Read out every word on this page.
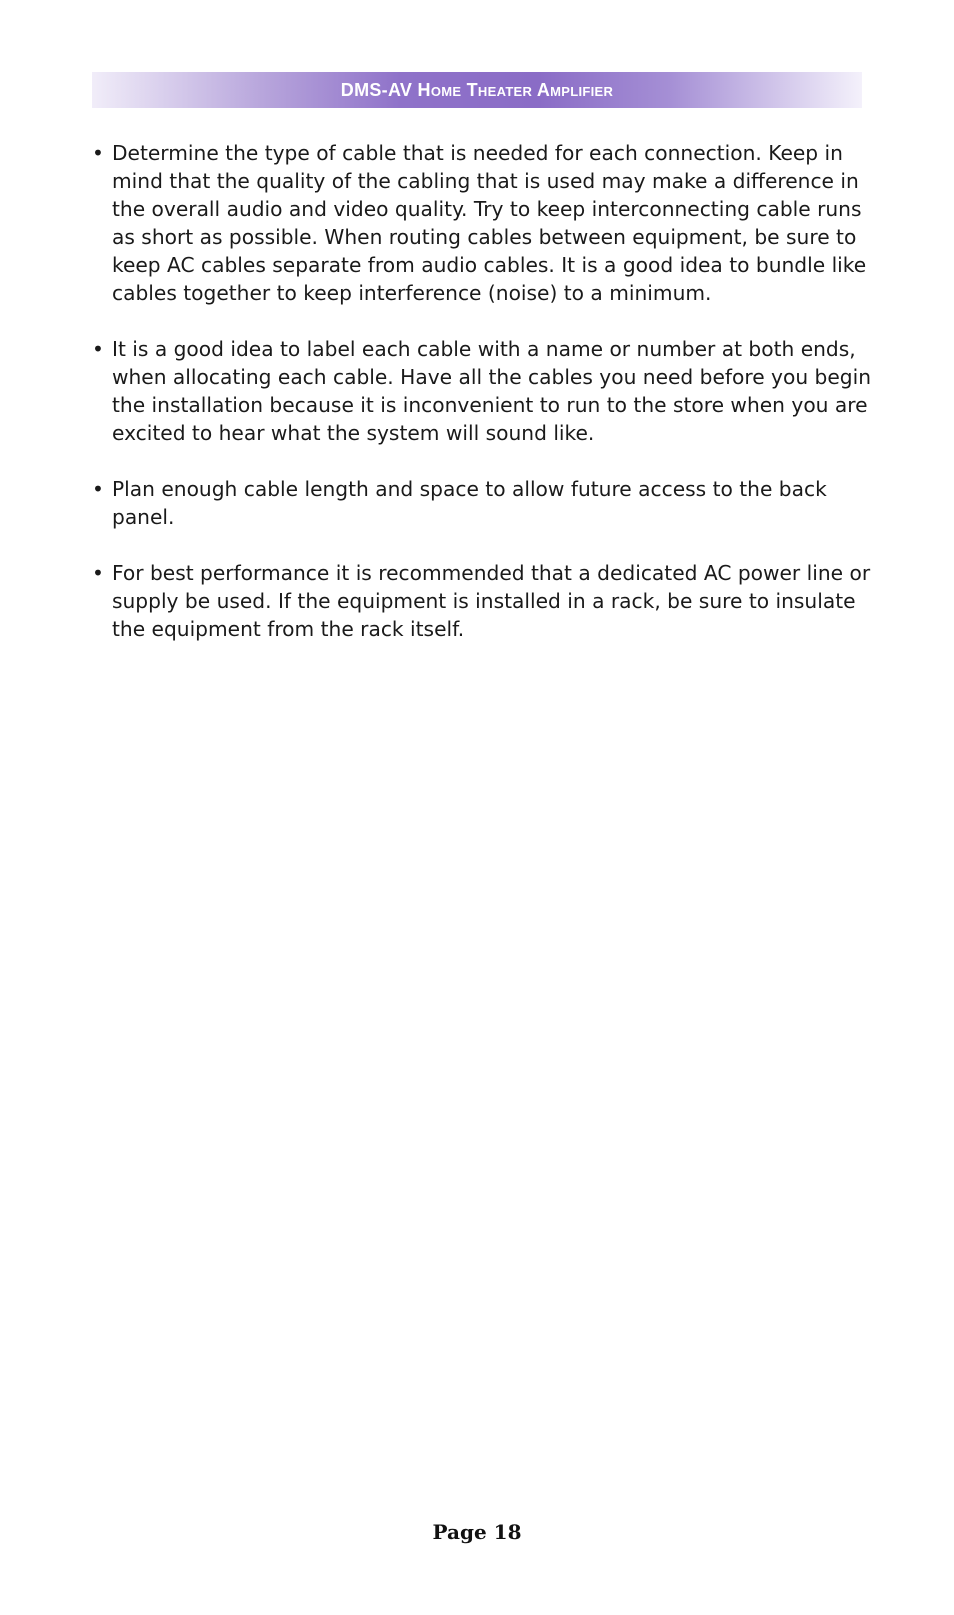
DMS-AV Home Theater Amplifier
• Determine the type of cable that is needed for each connection. Keep in mind that the quality of the cabling that is used may make a difference in the overall audio and video quality. Try to keep interconnecting cable runs as short as possible. When routing cables between equipment, be sure to keep AC cables separate from audio cables. It is a good idea to bundle like cables together to keep interference (noise) to a minimum.
• It is a good idea to label each cable with a name or number at both ends, when allocating each cable. Have all the cables you need before you begin the installation because it is inconvenient to run to the store when you are excited to hear what the system will sound like.
• Plan enough cable length and space to allow future access to the back panel.
• For best performance it is recommended that a dedicated AC power line or supply be used. If the equipment is installed in a rack, be sure to insulate the equipment from the rack itself.
Page 18
